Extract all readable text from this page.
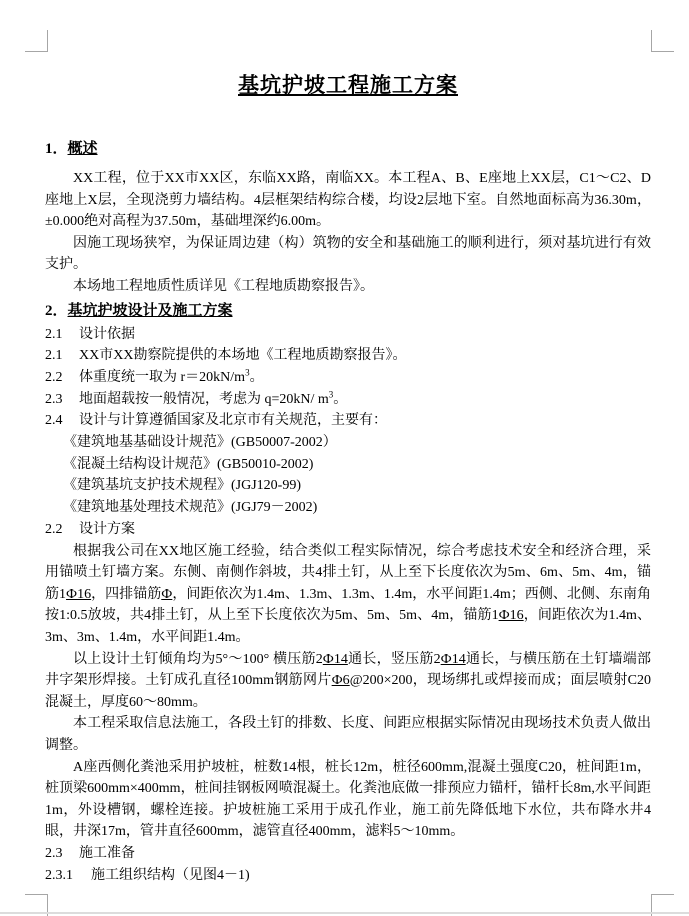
基坑护坡工程施工方案
1．概述

XX工程，位于XX市XX区，东临XX路，南临XX。本工程A、B、E座地上XX层，C1～C2、D座地上X层，全现浇剪力墙结构。4层框架结构综合楼，均设2层地下室。自然地面标高为36.30m，±0.000绝对高程为37.50m，基础埋深约6.00m。

因施工现场狭窄，为保证周边建（构）筑物的安全和基础施工的顺利进行，须对基坑进行有效支护。

本场地工程地质性质详见《工程地质勘察报告》。

2．基坑护坡设计及施工方案
2.1	设计依据
2.1	XX市XX勘察院提供的本场地《工程地质勘察报告》。
2.2	体重度统一取为 $r=20kN/m^3$。
2.3	地面超载按一般情况，考虑为 q=20kN/ $m^3$。
2.4	设计与计算遵循国家及北京市有关规范，主要有：
《建筑地基基础设计规范》(GB50007-2002）
《混凝土结构设计规范》(GB50010-2002)
《建筑基坑支护技术规程》(JGJ120-99)
《建筑地基处理技术规范》(JGJ79－2002)
2.2	设计方案

根据我公司在XX地区施工经验，结合类似工程实际情况，综合考虑技术安全和经济合理，采用锚喷土钉墙方案。东侧、南侧作斜坡，共4排土钉，从上至下长度依次为5m、6m、5m、4m，锚筋1Ф16，四排锚筋Ф，间距依次为1.4m、1.3m、1.3m、1.4m，水平间距1.4m；西侧、北侧、东南角按1:0.5放坡，共4排土钉，从上至下长度依次为5m、5m、5m、4m，锚筋1Ф16，间距依次为1.4m、3m、3m、1.4m，水平间距1.4m。

以上设计土钉倾角均为5°～100° 横压筋2Ф14通长，竖压筋2Ф14通长，与横压筋在土钉墙端部井字架形焊接。土钉成孔直径100mm钢筋网片Ф6@200×200，现场绑扎或焊接而成；面层喷射C20混凝土，厚度60～80mm。

本工程采取信息法施工，各段土钉的排数、长度、间距应根据实际情况由现场技术负责人做出调整。

A座西侧化粪池采用护坡桩，桩数14根，桩长12m，桩径600mm,混凝土强度C20，桩间距1m，桩顶梁600mm×400mm，桩间挂钢板网喷混凝土。化粪池底做一排预应力锚杆，锚杆长8m,水平间距1m，外设槽钢，螺栓连接。护坡桩施工采用于成孔作业，施工前先降低地下水位，共布降水井4眼，井深17m，管井直径600mm，滤管直径400mm，滤料5～10mm。

2.3	施工准备
2.3.1	施工组织结构（见图4－1)
